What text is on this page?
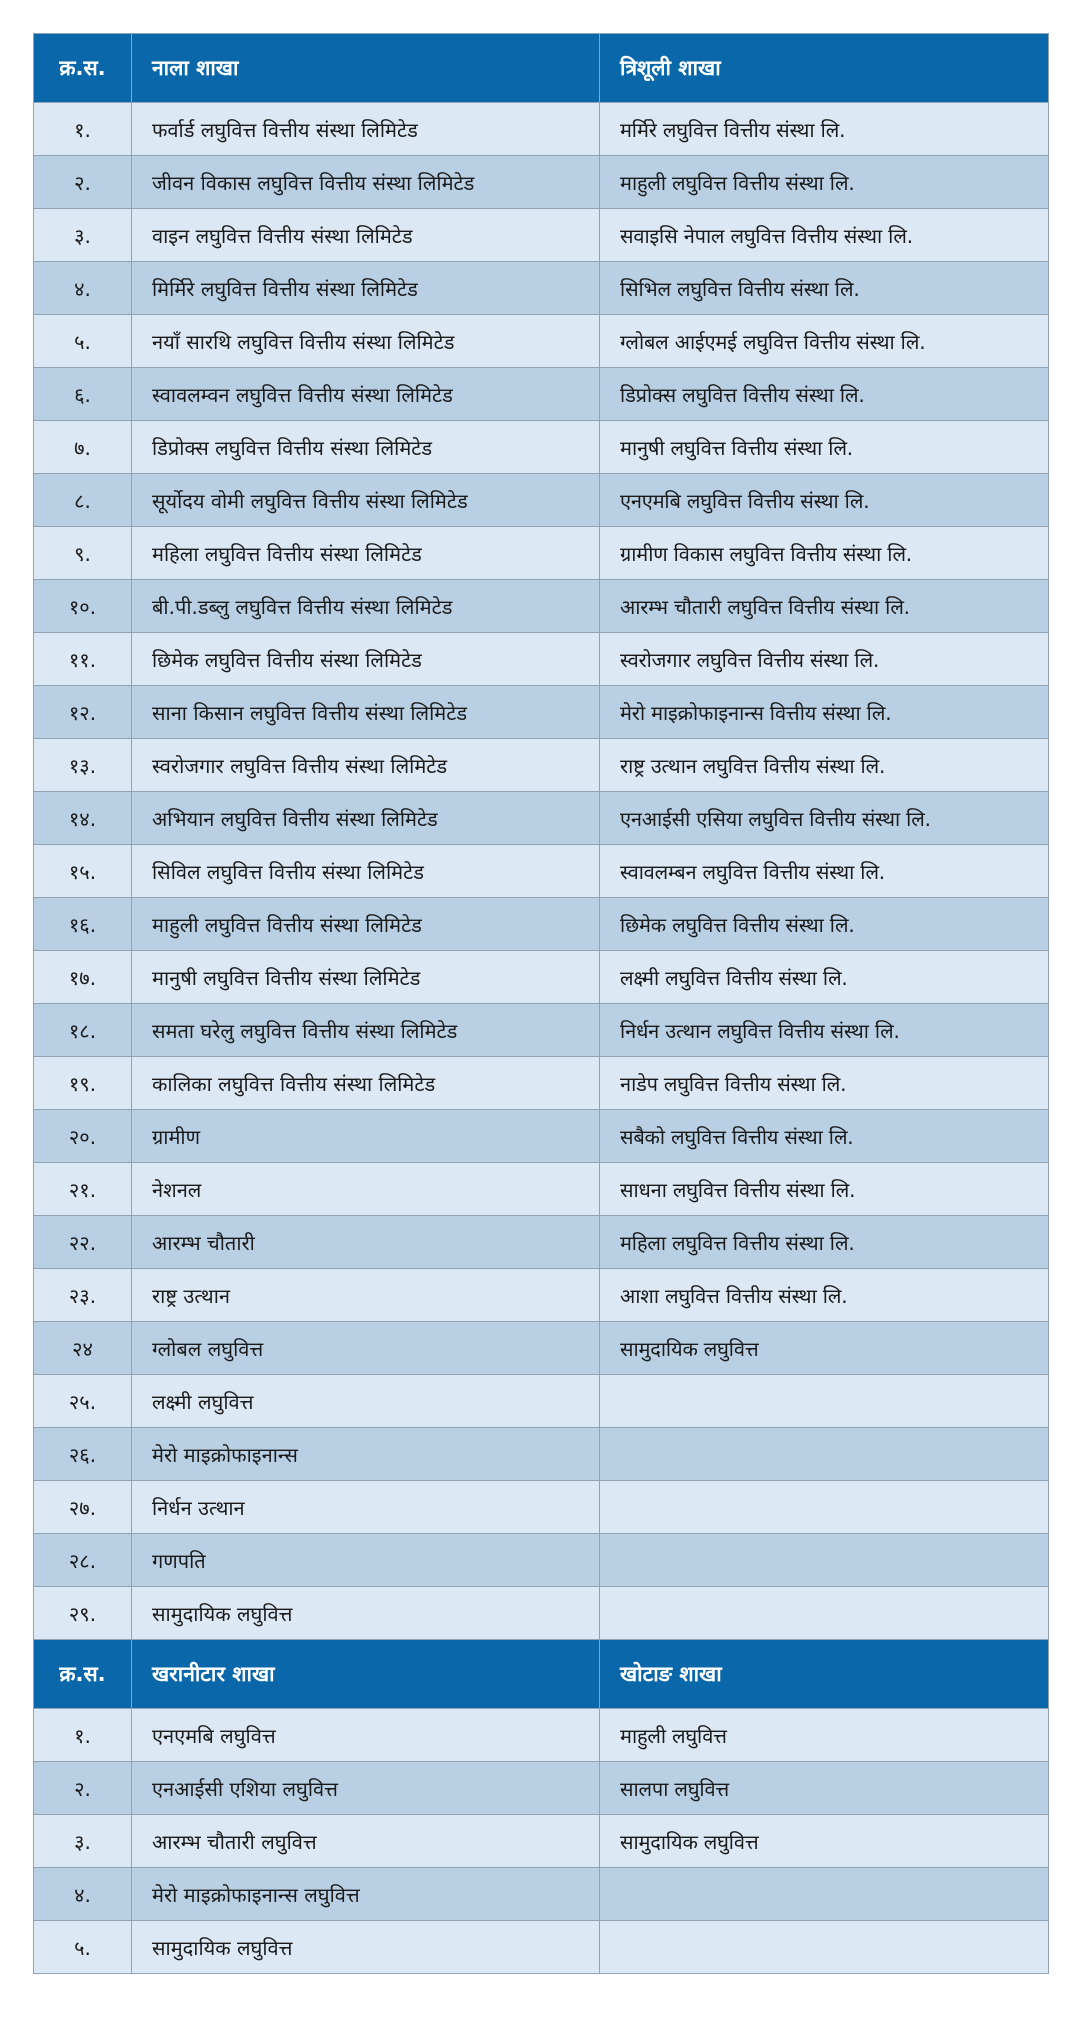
क्र.स.	नाला शाखा	त्रिशूली शाखा
१.	फर्वार्ड लघुवित्त वित्तीय संस्था लिमिटेड	मर्मिरे लघुवित्त वित्तीय संस्था लि.
२.	जीवन विकास लघुवित्त वित्तीय संस्था लिमिटेड	माहुली लघुवित्त वित्तीय संस्था लि.
३.	वाइन लघुवित्त वित्तीय संस्था लिमिटेड	सवाइसि नेपाल लघुवित्त वित्तीय संस्था लि.
४.	मिर्मिरे लघुवित्त वित्तीय संस्था लिमिटेड	सिभिल लघुवित्त वित्तीय संस्था लि.
५.	नयाँ सारथि लघुवित्त वित्तीय संस्था लिमिटेड	ग्लोबल आईएमई लघुवित्त वित्तीय संस्था लि.
६.	स्वावलम्वन लघुवित्त वित्तीय संस्था लिमिटेड	डिप्रोक्स लघुवित्त वित्तीय संस्था लि.
७.	डिप्रोक्स लघुवित्त वित्तीय संस्था लिमिटेड	मानुषी लघुवित्त वित्तीय संस्था लि.
८.	सूर्योदय वोमी लघुवित्त वित्तीय संस्था लिमिटेड	एनएमबि लघुवित्त वित्तीय संस्था लि.
९.	महिला लघुवित्त वित्तीय संस्था लिमिटेड	ग्रामीण विकास लघुवित्त वित्तीय संस्था लि.
१०.	बी.पी.डब्लु लघुवित्त वित्तीय संस्था लिमिटेड	आरम्भ चौतारी लघुवित्त वित्तीय संस्था लि.
११.	छिमेक लघुवित्त वित्तीय संस्था लिमिटेड	स्वरोजगार लघुवित्त वित्तीय संस्था लि.
१२.	साना किसान लघुवित्त वित्तीय संस्था लिमिटेड	मेरो माइक्रोफाइनान्स वित्तीय संस्था लि.
१३.	स्वरोजगार लघुवित्त वित्तीय संस्था लिमिटेड	राष्ट्र उत्थान लघुवित्त वित्तीय संस्था लि.
१४.	अभियान लघुवित्त वित्तीय संस्था लिमिटेड	एनआईसी एसिया लघुवित्त वित्तीय संस्था लि.
१५.	सिविल लघुवित्त वित्तीय संस्था लिमिटेड	स्वावलम्बन लघुवित्त वित्तीय संस्था लि.
१६.	माहुली लघुवित्त वित्तीय संस्था लिमिटेड	छिमेक लघुवित्त वित्तीय संस्था लि.
१७.	मानुषी लघुवित्त वित्तीय संस्था लिमिटेड	लक्ष्मी लघुवित्त वित्तीय संस्था लि.
१८.	समता घरेलु लघुवित्त वित्तीय संस्था लिमिटेड	निर्धन उत्थान लघुवित्त वित्तीय संस्था लि.
१९.	कालिका लघुवित्त वित्तीय संस्था लिमिटेड	नाडेप लघुवित्त वित्तीय संस्था लि.
२०.	ग्रामीण	सबैको लघुवित्त वित्तीय संस्था लि.
२१.	नेशनल	साधना लघुवित्त वित्तीय संस्था लि.
२२.	आरम्भ चौतारी	महिला लघुवित्त वित्तीय संस्था लि.
२३.	राष्ट्र उत्थान	आशा लघुवित्त वित्तीय संस्था लि.
२४	ग्लोबल लघुवित्त	सामुदायिक लघुवित्त
२५.	लक्ष्मी लघुवित्त	
२६.	मेरो माइक्रोफाइनान्स	
२७.	निर्धन उत्थान	
२८.	गणपति	
२९.	सामुदायिक लघुवित्त	
क्र.स.	खरानीटार शाखा	खोटाङ शाखा
१.	एनएमबि लघुवित्त	माहुली लघुवित्त
२.	एनआईसी एशिया लघुवित्त	सालपा लघुवित्त
३.	आरम्भ चौतारी लघुवित्त	सामुदायिक लघुवित्त
४.	मेरो माइक्रोफाइनान्स लघुवित्त	
५.	सामुदायिक लघुवित्त	
